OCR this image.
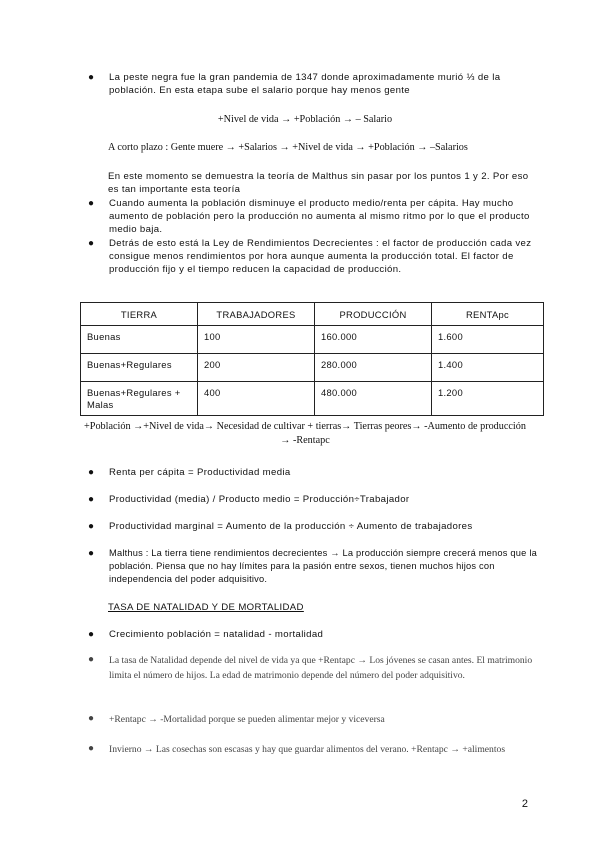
●	La peste negra fue la gran pandemia de 1347 donde aproximadamente murió ⅓ de la población. En esta etapa sube el salario porque hay menos gente
+Nivel de vida → +Población → – Salario
A corto plazo : Gente muere → +Salarios → +Nivel de vida → +Población → –Salarios
En este momento se demuestra la teoría de Malthus sin pasar por los puntos 1 y 2. Por eso es tan importante esta teoría
●	Cuando aumenta la población disminuye el producto medio/renta per cápita. Hay mucho aumento de población pero la producción no aumenta al mismo ritmo por lo que el producto medio baja.
●	Detrás de esto está la Ley de Rendimientos Decrecientes : el factor de producción cada vez consigue menos rendimientos por hora aunque aumenta la producción total. El factor de producción fijo y el tiempo reducen la capacidad de producción.
TIERRA	TRABAJADORES	PRODUCCIÓN	RENTApc
Buenas	100	160.000	1.600
Buenas+Regulares	200	280.000	1.400
Buenas+Regulares + Malas	400	480.000	1.200
+Población →+Nivel de vida→ Necesidad de cultivar + tierras→ Tierras peores→ -Aumento de producción → -Rentapc
●	Renta per cápita = Productividad media
●	Productividad (media) / Producto medio = Producción÷Trabajador
●	Productividad marginal = Aumento de la producción ÷ Aumento de trabajadores
●	Malthus : La tierra tiene rendimientos decrecientes → La producción siempre crecerá menos que la población. Piensa que no hay límites para la pasión entre sexos, tienen muchos hijos con independencia del poder adquisitivo.
TASA DE NATALIDAD Y DE MORTALIDAD
●	Crecimiento población = natalidad - mortalidad
●	La tasa de Natalidad depende del nivel de vida ya que +Rentapc → Los jóvenes se casan antes. El matrimonio limita el número de hijos. La edad de matrimonio depende del número del poder adquisitivo.
●	+Rentapc → -Mortalidad porque se pueden alimentar mejor y viceversa
●	Invierno → Las cosechas son escasas y hay que guardar alimentos del verano. +Rentapc → +alimentos
2
